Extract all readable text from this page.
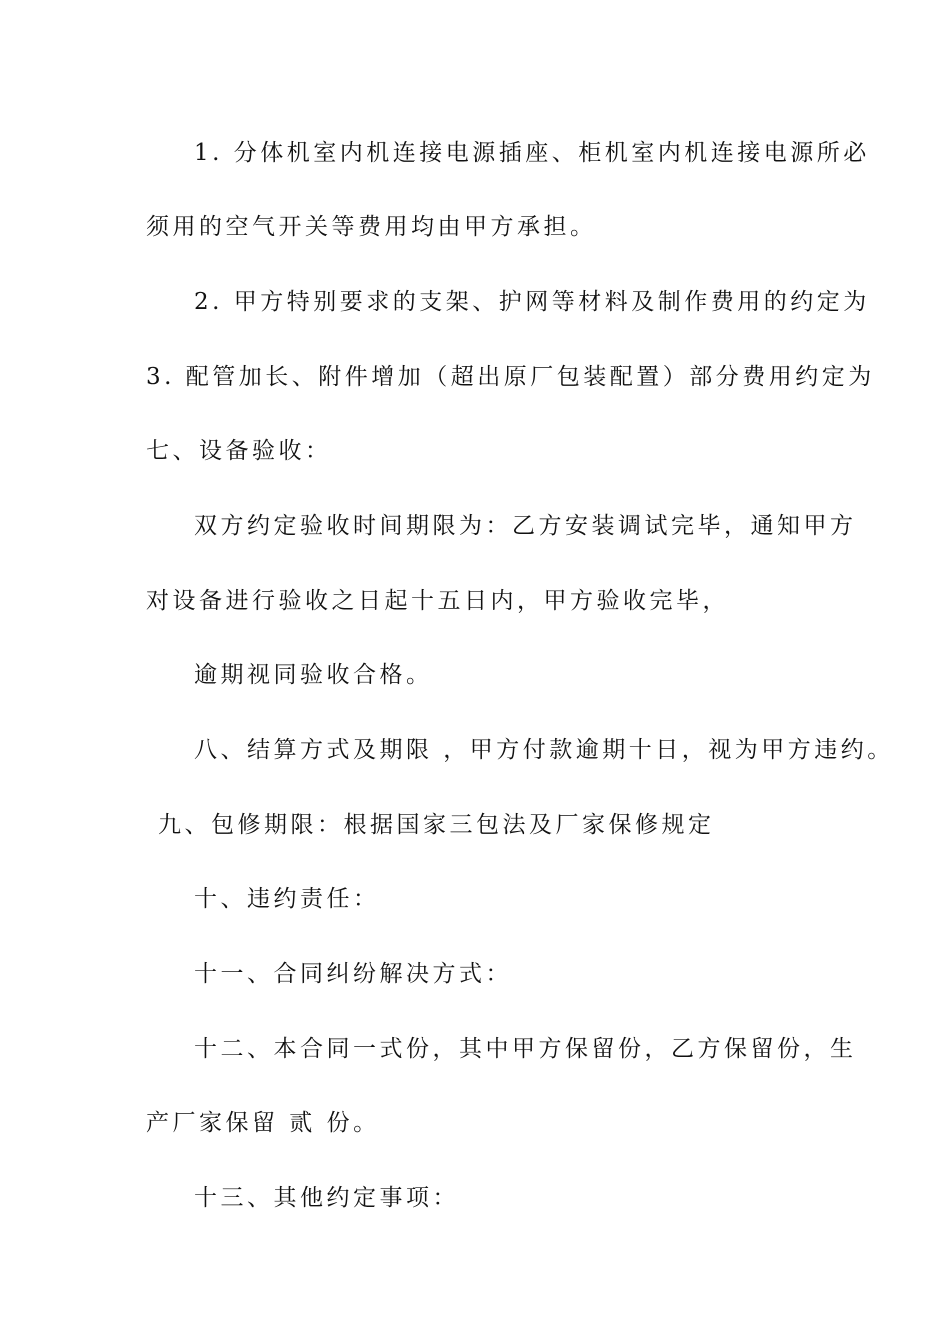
1. 分体机室内机连接电源插座、柜机室内机连接电源所必
须用的空气开关等费用均由甲方承担。
2. 甲方特别要求的支架、护网等材料及制作费用的约定为
3. 配管加长、附件增加（超出原厂包装配置）部分费用约定为
七、设备验收：
双方约定验收时间期限为：乙方安装调试完毕，通知甲方
对设备进行验收之日起十五日内，甲方验收完毕，
逾期视同验收合格。
八、结算方式及期限 ，甲方付款逾期十日，视为甲方违约。
九、包修期限：根据国家三包法及厂家保修规定
十、违约责任：
十一、合同纠纷解决方式：
十二、本合同一式份，其中甲方保留份，乙方保留份，生
产厂家保留 贰 份。
十三、其他约定事项：
